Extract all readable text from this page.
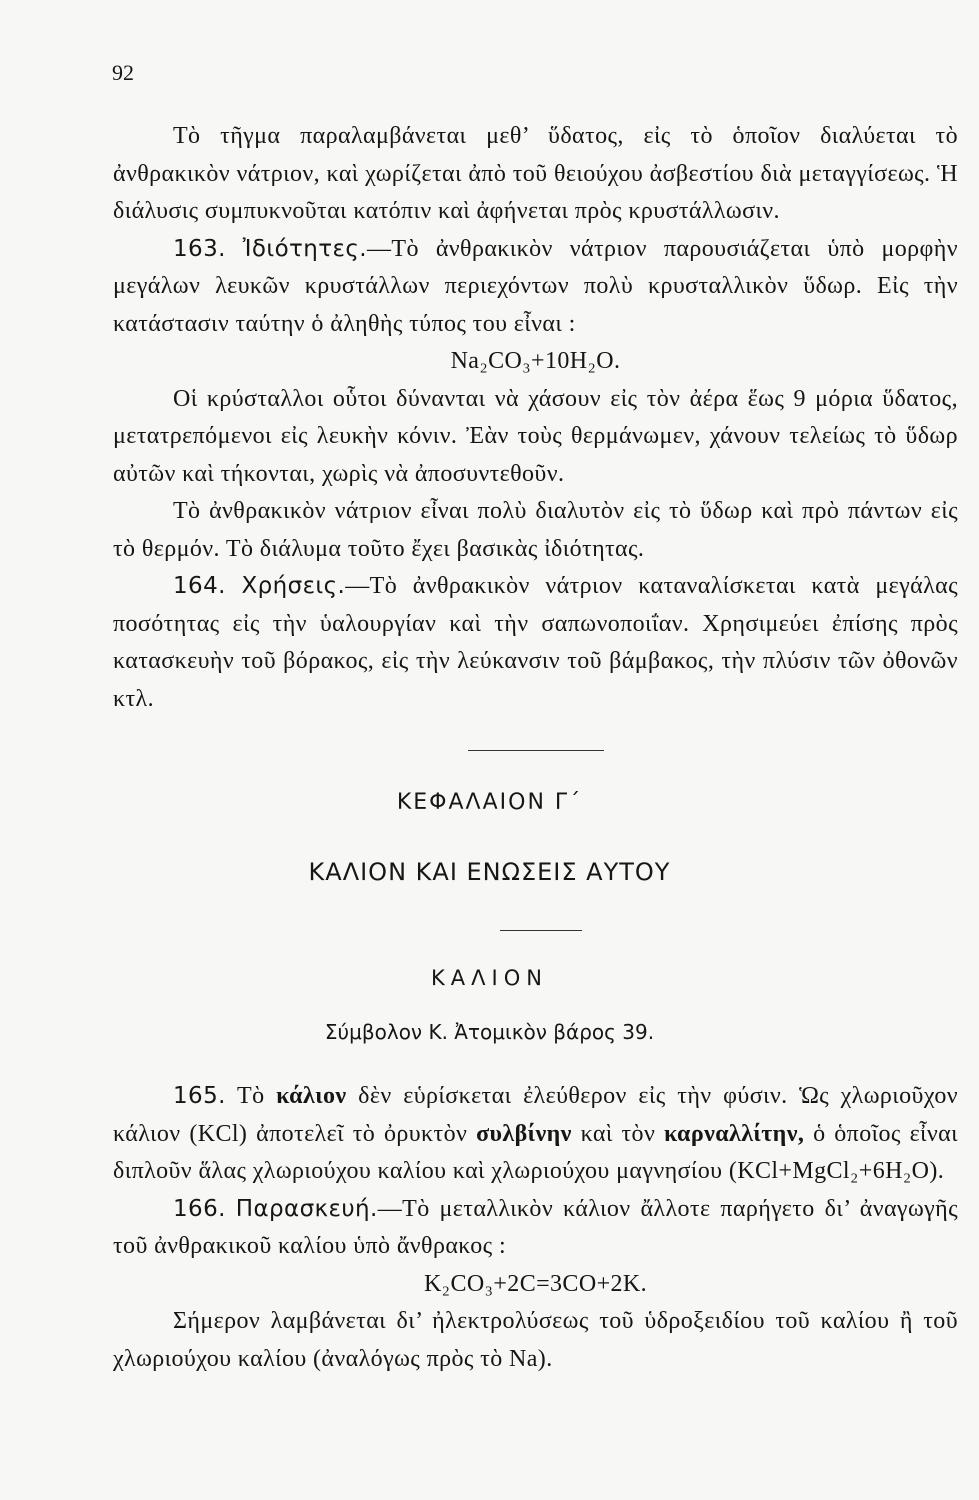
92

Τὸ τῆγμα παραλαμβάνεται μεθ’ ὕδατος, εἰς τὸ ὁποῖον διαλύεται τὸ ἀνθρακικὸν νάτριον, καὶ χωρίζεται ἀπὸ τοῦ θειούχου ἀσβεστίου διὰ μεταγγίσεως. Ἡ διάλυσις συμπυκνοῦται κατόπιν καὶ ἀφήνεται πρὸς κρυστάλλωσιν.

163. Ἰδιότητες.—Τὸ ἀνθρακικὸν νάτριον παρουσιάζεται ὑπὸ μορφὴν μεγάλων λευκῶν κρυστάλλων περιεχόντων πολὺ κρυσταλλικὸν ὕδωρ. Εἰς τὴν κατάστασιν ταύτην ὁ ἀληθὴς τύπος του εἶναι :

Na₂CO₃+10H₂O.

Οἱ κρύσταλλοι οὗτοι δύνανται νὰ χάσουν εἰς τὸν ἀέρα ἕως 9 μόρια ὕδατος, μετατρεπόμενοι εἰς λευκὴν κόνιν. Ἐὰν τοὺς θερμάνωμεν, χάνουν τελείως τὸ ὕδωρ αὐτῶν καὶ τήκονται, χωρὶς νὰ ἀποσυντεθοῦν.

Τὸ ἀνθρακικὸν νάτριον εἶναι πολὺ διαλυτὸν εἰς τὸ ὕδωρ καὶ πρὸ πάντων εἰς τὸ θερμόν. Τὸ διάλυμα τοῦτο ἔχει βασικὰς ἰδιότητας.

164. Χρήσεις.—Τὸ ἀνθρακικὸν νάτριον καταναλίσκεται κατὰ μεγάλας ποσότητας εἰς τὴν ὑαλουργίαν καὶ τὴν σαπωνοποιΐαν. Χρησιμεύει ἐπίσης πρὸς κατασκευὴν τοῦ βόρακος, εἰς τὴν λεύκανσιν τοῦ βάμβακος, τὴν πλύσιν τῶν ὀθονῶν κτλ.

ΚΕΦΑΛΑΙΟΝ Γ΄
ΚΑΛΙΟΝ ΚΑΙ ΕΝΩΣΕΙΣ ΑΥΤΟΥ
ΚΑΛΙΟΝ
Σύμβολον Κ. Ἀτομικὸν βάρος 39.

165. Τὸ κάλιον δὲν εὑρίσκεται ἐλεύθερον εἰς τὴν φύσιν. Ὡς χλωριοῦχον κάλιον (KCl) ἀποτελεῖ τὸ ὀρυκτὸν συλβίνην καὶ τὸν καρναλλίτην, ὁ ὁποῖος εἶναι διπλοῦν ἅλας χλωριούχου καλίου καὶ χλωριούχου μαγνησίου (KCl+MgCl₂+6H₂O).

166. Παρασκευή.—Τὸ μεταλλικὸν κάλιον ἄλλοτε παρήγετο δι’ ἀναγωγῆς τοῦ ἀνθρακικοῦ καλίου ὑπὸ ἄνθρακος :

K₂CO₃+2C=3CO+2K.

Σήμερον λαμβάνεται δι’ ἠλεκτρολύσεως τοῦ ὑδροξειδίου τοῦ καλίου ἢ τοῦ χλωριούχου καλίου (ἀναλόγως πρὸς τὸ Na).
